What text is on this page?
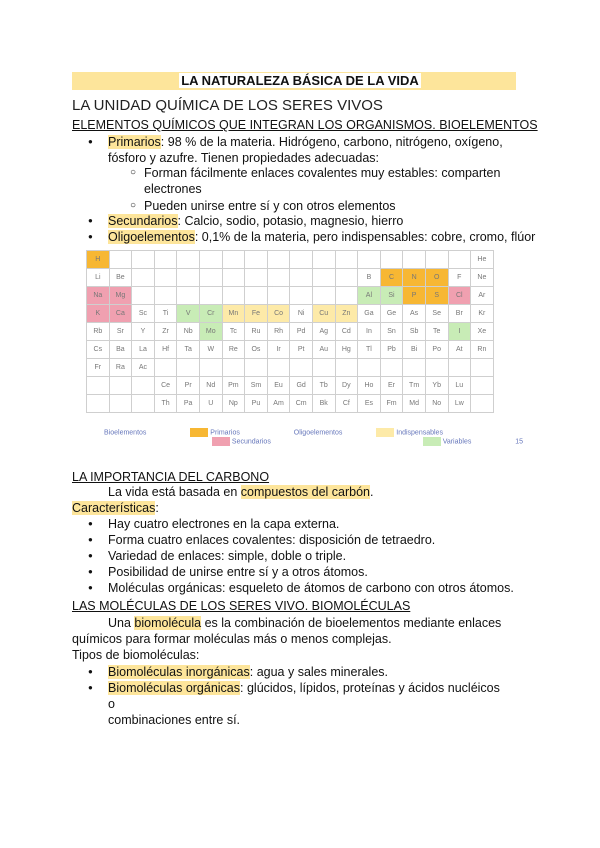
LA NATURALEZA BÁSICA DE LA VIDA
LA UNIDAD QUÍMICA DE LOS SERES VIVOS
ELEMENTOS QUÍMICOS QUE INTEGRAN LOS ORGANISMOS. BIOELEMENTOS
● Primarios: 98 % de la materia. Hidrógeno, carbono, nitrógeno, oxígeno, fósforo y azufre. Tienen propiedades adecuadas:
○ Forman fácilmente enlaces covalentes muy estables: comparten electrones
○ Pueden unirse entre sí y con otros elementos
● Secundarios: Calcio, sodio, potasio, magnesio, hierro
● Oligoelementos: 0,1% de la materia, pero indispensables: cobre, cromo, flúor
H																	He
Li	Be											B	C	N	O	F	Ne
Na	Mg											Al	Si	P	S	Cl	Ar
K	Ca	Sc	Ti	V	Cr	Mn	Fe	Co	Ni	Cu	Zn	Ga	Ge	As	Se	Br	Kr
Rb	Sr	Y	Zr	Nb	Mo	Tc	Ru	Rh	Pd	Ag	Cd	In	Sn	Sb	Te	I	Xe
Cs	Ba	La	Hf	Ta	W	Re	Os	Ir	Pt	Au	Hg	Tl	Pb	Bi	Po	At	Rn
Fr	Ra	Ac															
			Ce	Pr	Nd	Pm	Sm	Eu	Gd	Tb	Dy	Ho	Er	Tm	Yb	Lu	
			Th	Pa	U	Np	Pu	Am	Cm	Bk	Cf	Es	Fm	Md	No	Lw	
Bioelementos	Primarios	Oligoelementos	Indispensables
Secundarios	Variables	15
LA IMPORTANCIA DEL CARBONO
La vida está basada en compuestos del carbón.
Características:
● Hay cuatro electrones en la capa externa.
● Forma cuatro enlaces covalentes: disposición de tetraedro.
● Variedad de enlaces: simple, doble o triple.
● Posibilidad de unirse entre sí y a otros átomos.
● Moléculas orgánicas: esqueleto de átomos de carbono con otros átomos.
LAS MOLÉCULAS DE LOS SERES VIVO. BIOMOLÉCULAS
Una biomolécula es la combinación de bioelementos mediante enlaces
químicos para formar moléculas más o menos complejas.
Tipos de biomoléculas:
● Biomoléculas inorgánicas: agua y sales minerales.
● Biomoléculas orgánicas: glúcidos, lípidos, proteínas y ácidos nucléicos o
combinaciones entre sí.
